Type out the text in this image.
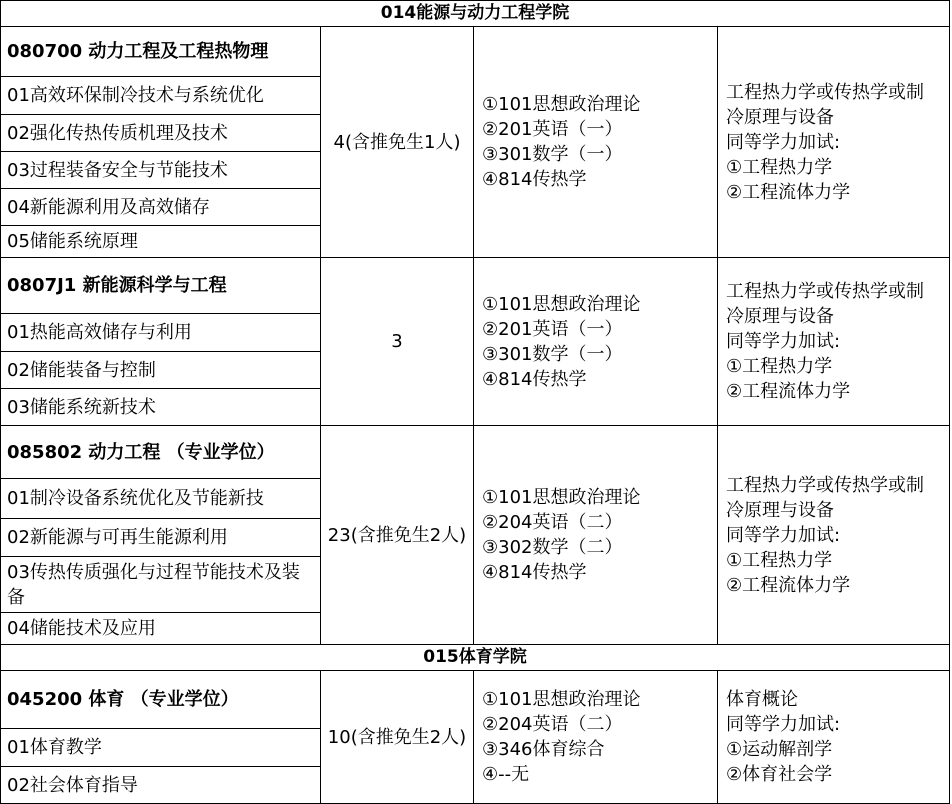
014能源与动力工程学院			
080700 动力工程及工程热物理	4(含推免生1人)	①101思想政治理论
②201英语（一）
③301数学（一）
④814传热学	工程热力学或传热学或制
冷原理与设备
同等学力加试:
①工程热力学
②工程流体力学

01高效环保制冷技术与系统优化			
02强化传热传质机理及技术			
03过程装备安全与节能技术			
04新能源利用及高效储存			
05储能系统原理			
0807J1 新能源科学与工程	3	①101思想政治理论
②201英语（一）
③301数学（一）
④814传热学	工程热力学或传热学或制
冷原理与设备
同等学力加试:
①工程热力学
②工程流体力学

01热能高效储存与利用			
02储能装备与控制			
03储能系统新技术			
085802 动力工程 （专业学位）	23(含推免生2人)	①101思想政治理论
②204英语（二）
③302数学（二）
④814传热学	工程热力学或传热学或制
冷原理与设备
同等学力加试:
①工程热力学
②工程流体力学

01制冷设备系统优化及节能新技			
02新能源与可再生能源利用			
03传热传质强化与过程节能技术及装备			
04储能技术及应用			
015体育学院			
045200 体育 （专业学位）	10(含推免生2人)	①101思想政治理论
②204英语（二）
③346体育综合
④--无	体育概论
同等学力加试:
①运动解剖学
②体育社会学

01体育教学			
02社会体育指导			
